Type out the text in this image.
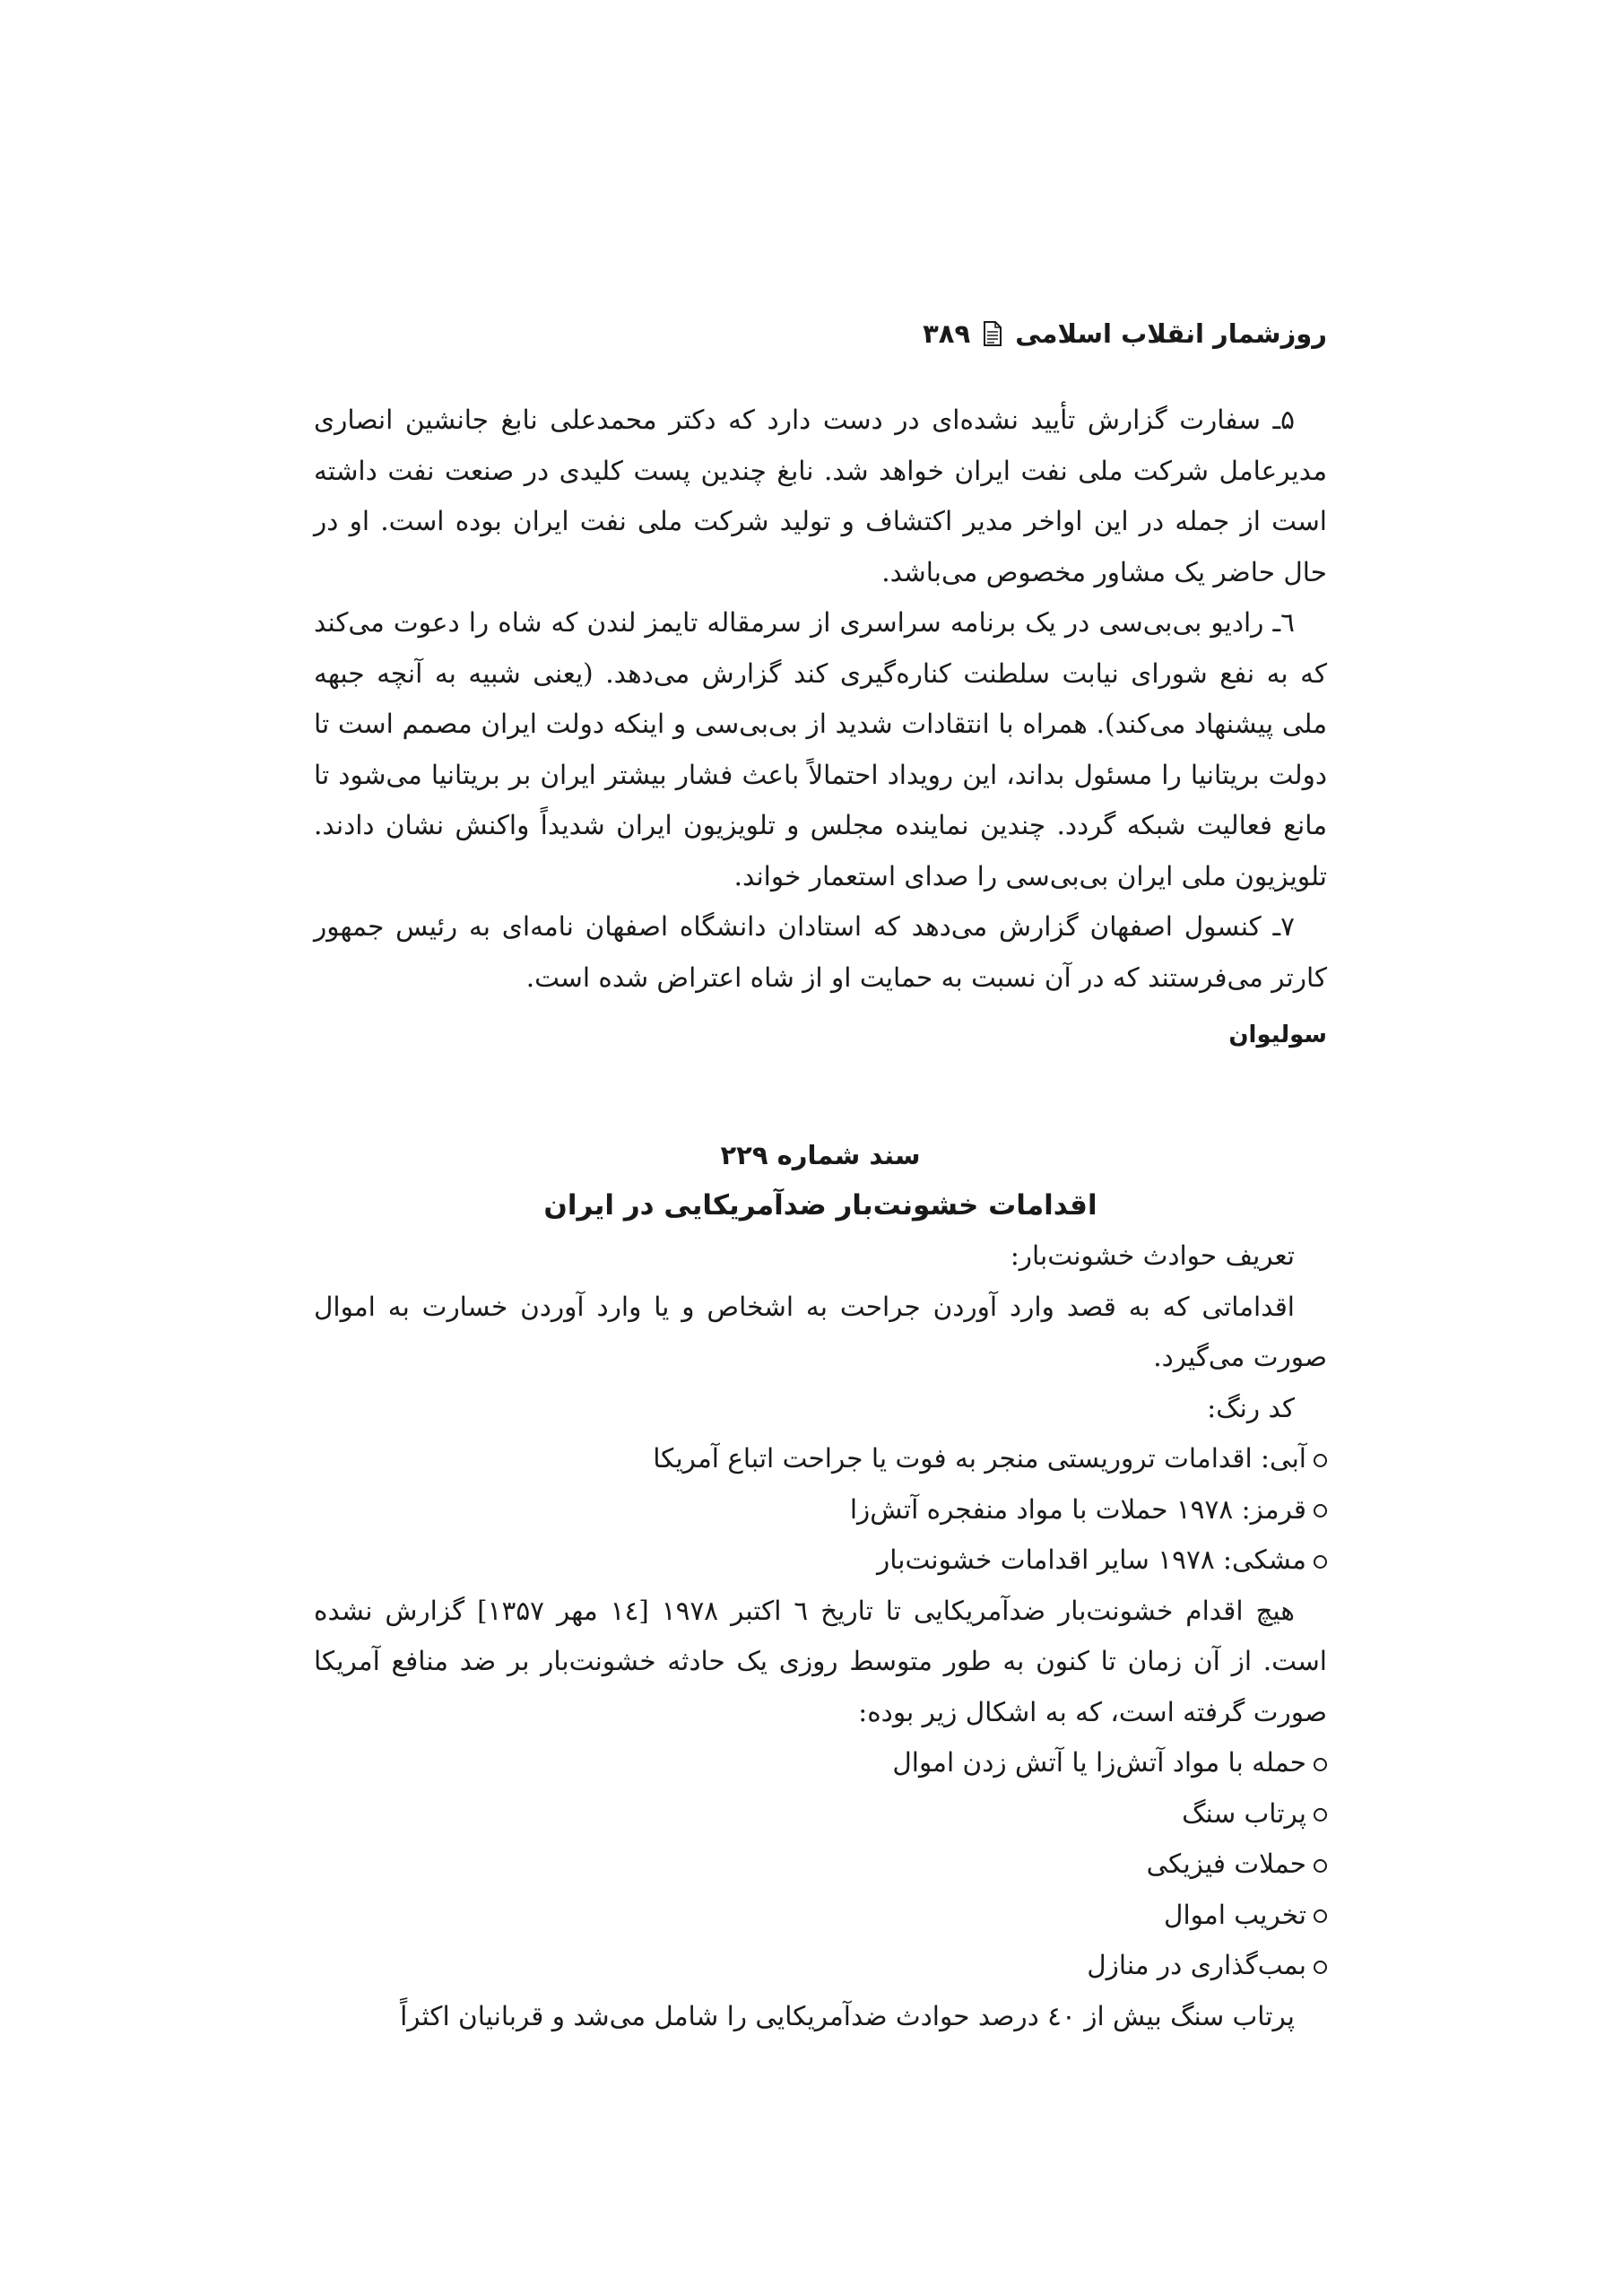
روزشمار انقلاب اسلامی
۳۸۹

۵ـ سفارت گزارش تأیید نشده‌ای در دست دارد که دکتر محمدعلی نابغ جانشین انصاری مدیرعامل شرکت ملی نفت ایران خواهد شد. نابغ چندین پست کلیدی در صنعت نفت داشته است از جمله در این اواخر مدیر اکتشاف و تولید شرکت ملی نفت ایران بوده است. او در حال حاضر یک مشاور مخصوص می‌باشد.

٦ـ رادیو بی‌بی‌سی در یک برنامه سراسری از سرمقاله تایمز لندن که شاه را دعوت می‌کند که به نفع شورای نیابت سلطنت کناره‌گیری کند گزارش می‌دهد. (یعنی شبیه به آنچه جبهه ملی پیشنهاد می‌کند). همراه با انتقادات شدید از بی‌بی‌سی و اینکه دولت ایران مصمم است تا دولت بریتانیا را مسئول بداند، این رویداد احتمالاً باعث فشار بیشتر ایران بر بریتانیا می‌شود تا مانع فعالیت شبکه گردد. چندین نماینده مجلس و تلویزیون ایران شدیداً واکنش نشان دادند. تلویزیون ملی ایران بی‌بی‌سی را صدای استعمار خواند.

۷ـ کنسول اصفهان گزارش می‌دهد که استادان دانشگاه اصفهان نامه‌ای به رئیس جمهور کارتر می‌فرستند که در آن نسبت به حمایت او از شاه اعتراض شده است.

سولیوان
سند شماره ۲۲۹
اقدامات خشونت‌بار ضدآمریکایی در ایران
تعریف حوادث خشونت‌بار:

اقداماتی که به قصد وارد آوردن جراحت به اشخاص و یا وارد آوردن خسارت به اموال صورت می‌گیرد.

کد رنگ:
آبی: اقدامات تروریستی منجر به فوت یا جراحت اتباع آمریکا
قرمز: ۱۹۷۸ حملات با مواد منفجره آتش‌زا
مشکی: ۱۹۷۸ سایر اقدامات خشونت‌بار

هیچ اقدام خشونت‌بار ضدآمریکایی تا تاریخ ٦ اکتبر ۱۹۷۸ [١٤ مهر ۱۳۵۷] گزارش نشده است. از آن زمان تا کنون به طور متوسط روزی یک حادثه خشونت‌بار بر ضد منافع آمریکا صورت گرفته است، که به اشکال زیر بوده:

حمله با مواد آتش‌زا یا آتش زدن اموال
پرتاب سنگ
حملات فیزیکی
تخریب اموال
بمب‌گذاری در منازل

پرتاب سنگ بیش از ٤۰ درصد حوادث ضدآمریکایی را شامل می‌شد و قربانیان اکثراً
